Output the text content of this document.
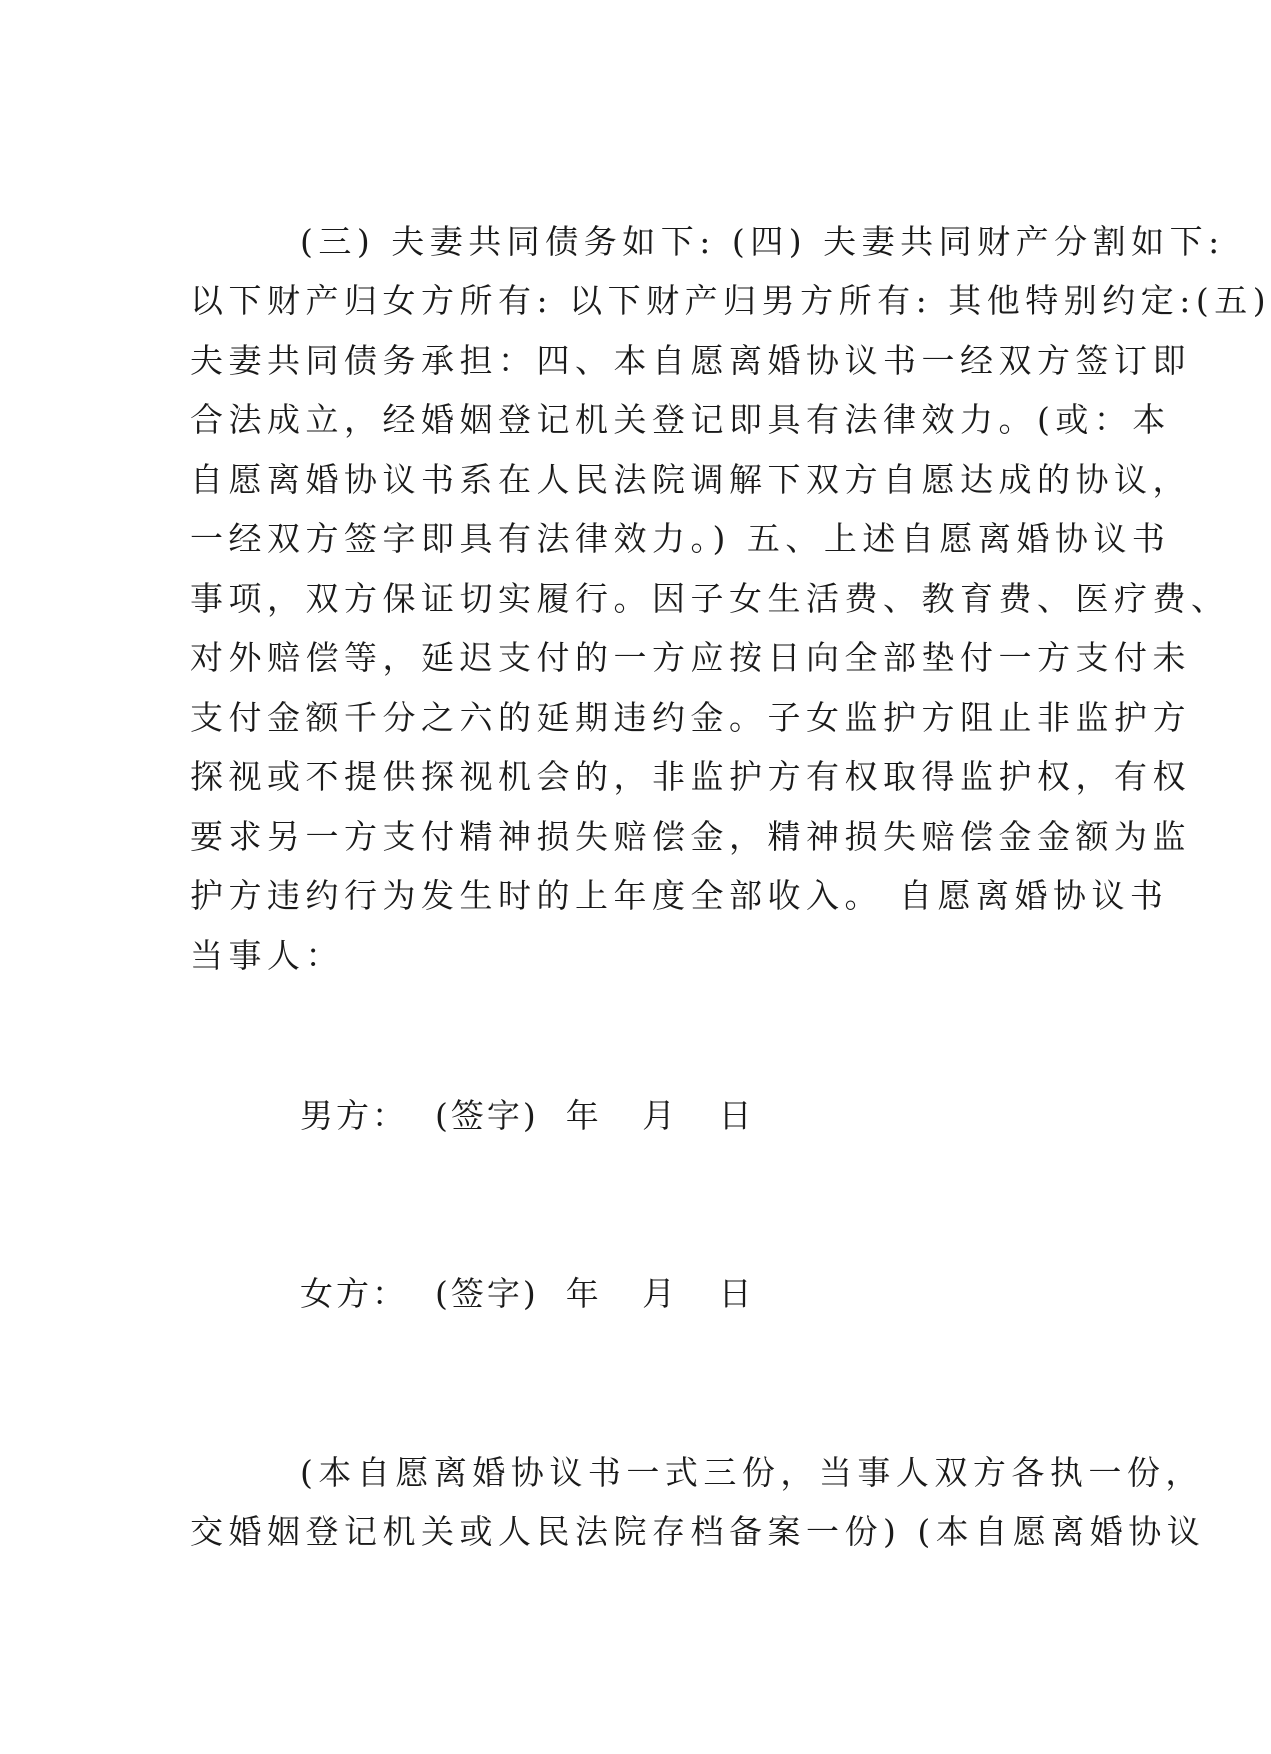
(三) 夫妻共同债务如下: (四) 夫妻共同财产分割如下:
以下财产归女方所有: 以下财产归男方所有: 其他特别约定:(五)
夫妻共同债务承担：四、本自愿离婚协议书一经双方签订即
合法成立，经婚姻登记机关登记即具有法律效力。(或：本
自愿离婚协议书系在人民法院调解下双方自愿达成的协议，
一经双方签字即具有法律效力。) 五、上述自愿离婚协议书
事项，双方保证切实履行。因子女生活费、教育费、医疗费、
对外赔偿等，延迟支付的一方应按日向全部垫付一方支付未
支付金额千分之六的延期违约金。子女监护方阻止非监护方
探视或不提供探视机会的，非监护方有权取得监护权，有权
要求另一方支付精神损失赔偿金，精神损失赔偿金金额为监
护方违约行为发生时的上年度全部收入。 自愿离婚协议书
当事人：
男方：  (签字)  年   月   日
女方：  (签字)  年   月   日
(本自愿离婚协议书一式三份，当事人双方各执一份，
交婚姻登记机关或人民法院存档备案一份) (本自愿离婚协议
